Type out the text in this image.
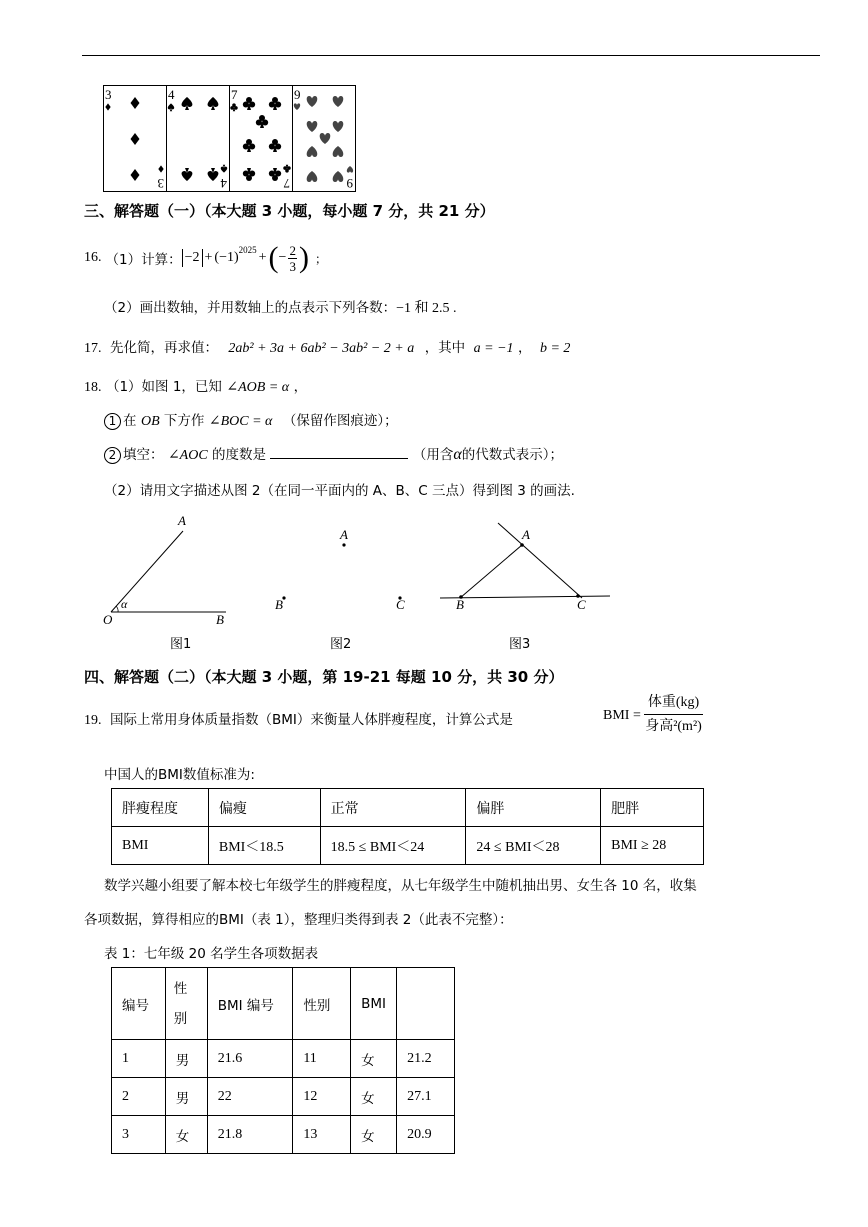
3
3
4
4
7
7
9
9
三、解答题（一）（本大题 3 小题，每小题 7 分，共 21 分）
16. （1）计算： $-2 + (-1)^{2025}$ + ( − $\frac{2}{3}$ ) ；
（2）画出数轴，并用数轴上的点表示下列各数：−1 和 2.5 .
17. 先化简，再求值： 2ab² + 3a + 6ab² − 3ab² − 2 + a ，其中 a = −1 ， b = 2
18. （1）如图 1，已知 ∠AOB = α ，
1 在 OB 下方作 ∠BOC = α （保留作图痕迹）；
2 填空： ∠AOC 的度数是	（用含α的代数式表示）；
（2）请用文字描述从图 2（在同一平面内的 A、B、C 三点）得到图 3 的画法.
A
α
O	B
图1
A
B	C
图2
A
B	C
图3
四、解答题（二）（本大题 3 小题，第 19-21 每题 10 分，共 30 分）
19. 国际上常用身体质量指数（BMI）来衡量人体胖瘦程度，计算公式是	BMI =
体重(kg)
身高²(m²)
中国人的BMI数值标准为:
胖瘦程度	偏瘦	正常	偏胖	肥胖
BMI	BMI＜18.5	18.5 ≤ BMI＜24	24 ≤ BMI＜28	BMI ≥ 28
数学兴趣小组要了解本校七年级学生的胖瘦程度，从七年级学生中随机抽出男、女生各 10 名，收集
各项数据，算得相应的BMI（表 1），整理归类得到表 2（此表不完整）：
表 1：七年级 20 名学生各项数据表
编号	性别	BMI 编号	性别	BMI	
1	男	21.6	11	女	21.2
2	男	22	12	女	27.1
3	女	21.8	13	女	20.9
